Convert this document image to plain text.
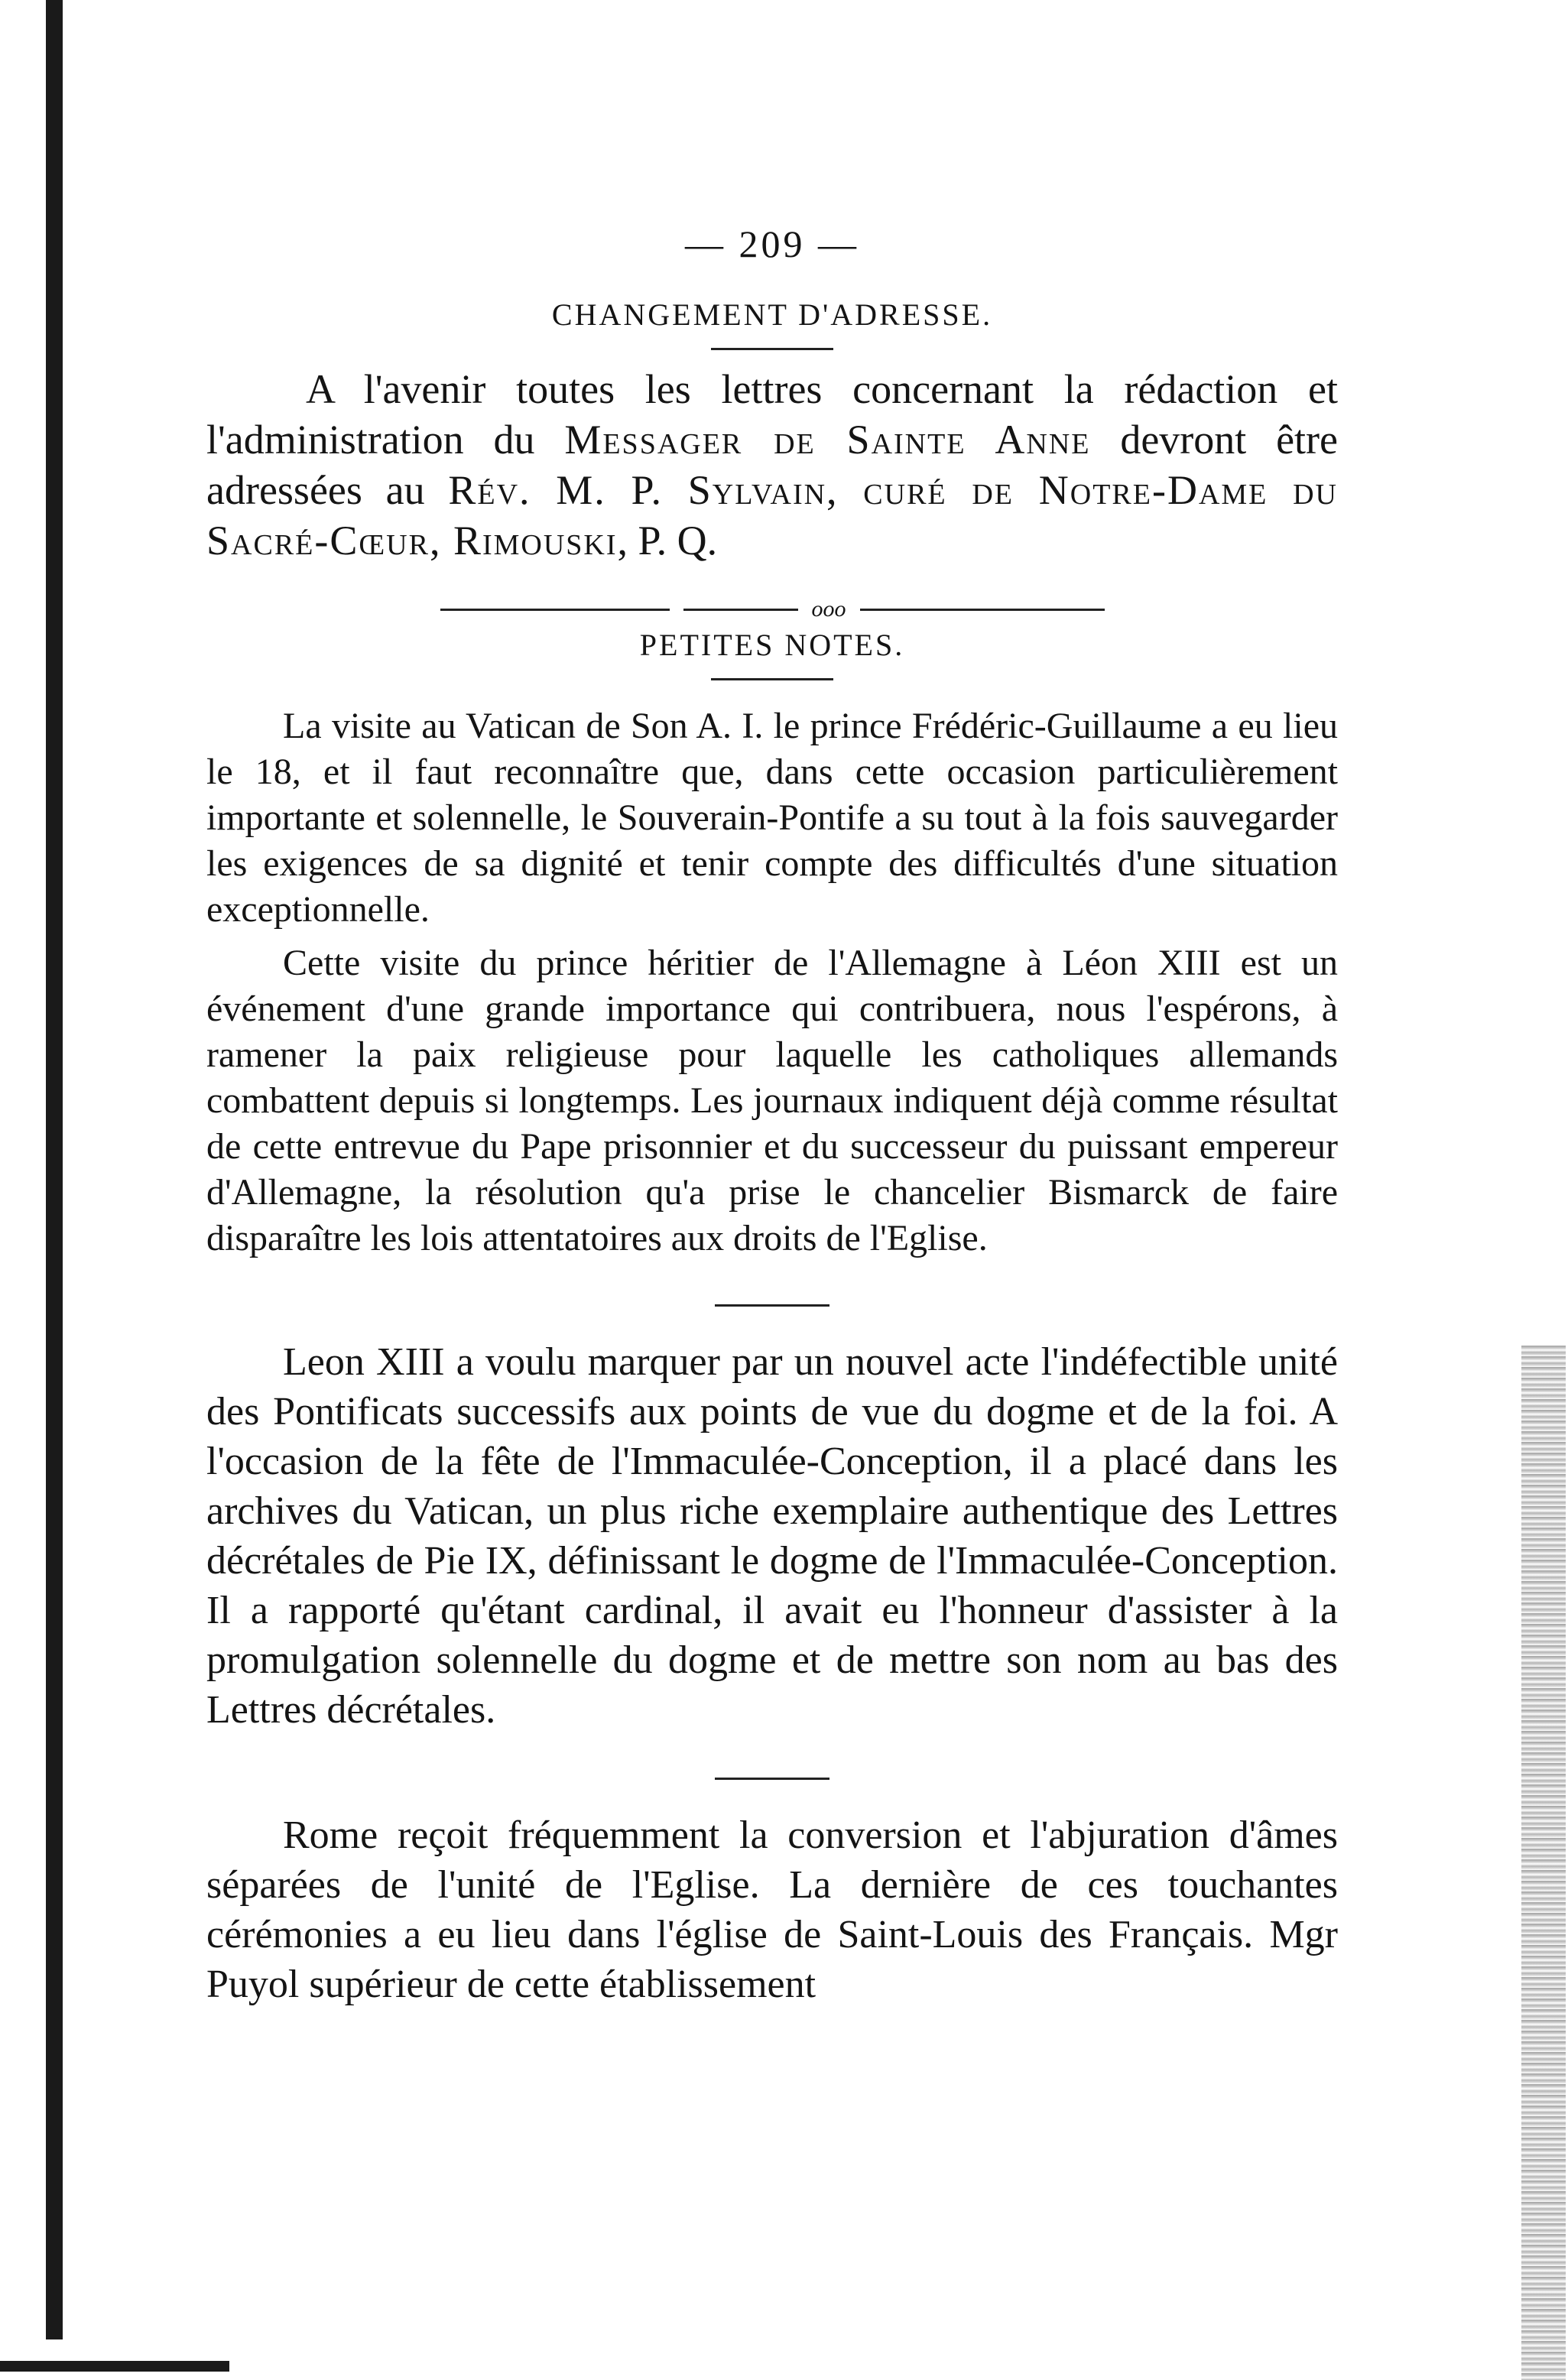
— 209 —
CHANGEMENT D'ADRESSE.

A l'avenir toutes les lettres concernant la rédaction et l'administration du Messager de Sainte Anne devront être adressées au Rév. M. P. Sylvain, curé de Notre-Dame du Sacré-Cœur, Rimouski, P. Q.

ooo
PETITES NOTES.

La visite au Vatican de Son A. I. le prince Frédéric-Guillaume a eu lieu le 18, et il faut reconnaître que, dans cette occasion particulièrement importante et solennelle, le Souverain-Pontife a su tout à la fois sauvegarder les exigences de sa dignité et tenir compte des difficultés d'une situation exceptionnelle.

Cette visite du prince héritier de l'Allemagne à Léon XIII est un événement d'une grande importance qui contribuera, nous l'espérons, à ramener la paix religieuse pour laquelle les catholiques allemands combattent depuis si longtemps. Les journaux indiquent déjà comme résultat de cette entrevue du Pape prisonnier et du successeur du puissant empereur d'Allemagne, la résolution qu'a prise le chancelier Bismarck de faire disparaître les lois attentatoires aux droits de l'Eglise.

Leon XIII a voulu marquer par un nouvel acte l'indéfectible unité des Pontificats successifs aux points de vue du dogme et de la foi. A l'occasion de la fête de l'Immaculée-Conception, il a placé dans les archives du Vatican, un plus riche exemplaire authentique des Lettres décrétales de Pie IX, définissant le dogme de l'Immaculée-Conception. Il a rapporté qu'étant cardinal, il avait eu l'honneur d'assister à la promulgation solennelle du dogme et de mettre son nom au bas des Lettres décrétales.

Rome reçoit fréquemment la conversion et l'abjuration d'âmes séparées de l'unité de l'Eglise. La dernière de ces touchantes cérémonies a eu lieu dans l'église de Saint-Louis des Français. Mgr Puyol supérieur de cette établissement
